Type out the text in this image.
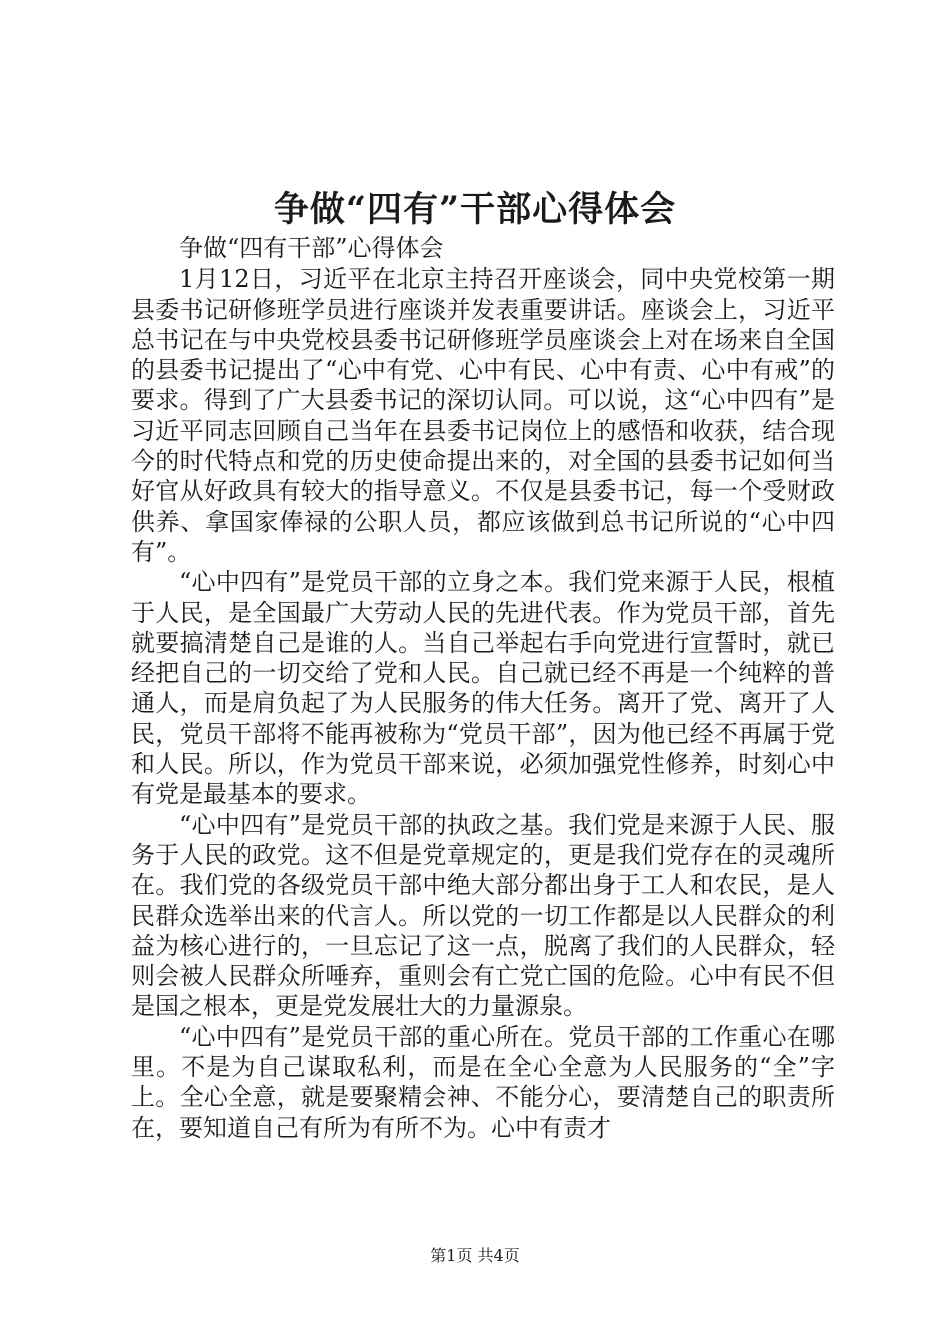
争做“四有”干部心得体会

争做“四有干部”心得体会

1月12日，习近平在北京主持召开座谈会，同中央党校第一期县委书记研修班学员进行座谈并发表重要讲话。座谈会上，习近平总书记在与中央党校县委书记研修班学员座谈会上对在场来自全国的县委书记提出了“心中有党、心中有民、心中有责、心中有戒”的要求。得到了广大县委书记的深切认同。可以说，这“心中四有”是习近平同志回顾自己当年在县委书记岗位上的感悟和收获，结合现今的时代特点和党的历史使命提出来的，对全国的县委书记如何当好官从好政具有较大的指导意义。不仅是县委书记，每一个受财政供养、拿国家俸禄的公职人员，都应该做到总书记所说的“心中四有”。

“心中四有”是党员干部的立身之本。我们党来源于人民，根植于人民，是全国最广大劳动人民的先进代表。作为党员干部，首先就要搞清楚自己是谁的人。当自己举起右手向党进行宣誓时，就已经把自己的一切交给了党和人民。自己就已经不再是一个纯粹的普通人，而是肩负起了为人民服务的伟大任务。离开了党、离开了人民，党员干部将不能再被称为“党员干部”，因为他已经不再属于党和人民。所以，作为党员干部来说，必须加强党性修养，时刻心中有党是最基本的要求。

“心中四有”是党员干部的执政之基。我们党是来源于人民、服务于人民的政党。这不但是党章规定的，更是我们党存在的灵魂所在。我们党的各级党员干部中绝大部分都出身于工人和农民，是人民群众选举出来的代言人。所以党的一切工作都是以人民群众的利益为核心进行的，一旦忘记了这一点，脱离了我们的人民群众，轻则会被人民群众所唾弃，重则会有亡党亡国的危险。心中有民不但是国之根本，更是党发展壮大的力量源泉。

“心中四有”是党员干部的重心所在。党员干部的工作重心在哪里。不是为自己谋取私利，而是在全心全意为人民服务的“全”字上。全心全意，就是要聚精会神、不能分心，要清楚自己的职责所在，要知道自己有所为有所不为。心中有责才

第1页 共4页
